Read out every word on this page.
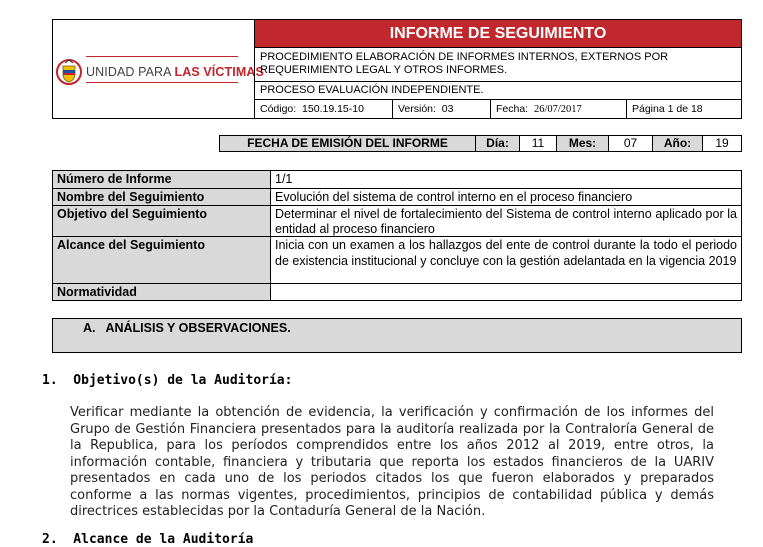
UNIDAD PARA LAS VÍCTIMAS
INFORME DE SEGUIMIENTO
PROCEDIMIENTO ELABORACIÓN DE INFORMES INTERNOS, EXTERNOS POR REQUERIMIENTO LEGAL Y OTROS INFORMES.
PROCESO EVALUACIÓN INDEPENDIENTE.
Código: 150.19.15-10	Versión: 03	Fecha: 26/07/2017	Página 1 de 18
FECHA DE EMISIÓN DEL INFORME	Día:	11	Mes:	07	Año:	19
Número de Informe	1/1
Nombre del Seguimiento	Evolución del sistema de control interno en el proceso financiero
Objetivo del Seguimiento	Determinar el nivel de fortalecimiento del Sistema de control interno aplicado por la entidad al proceso financiero
Alcance del Seguimiento	Inicia con un examen a los hallazgos del ente de control durante la todo el periodo de existencia institucional y concluye con la gestión adelantada en la vigencia 2019
Normatividad
A.   ANÁLISIS Y OBSERVACIONES.
1.  Objetivo(s) de la Auditoría:
Verificar mediante la obtención de evidencia, la verificación y confirmación de los informes del Grupo de Gestión Financiera presentados para la auditoría realizada por la Contraloría General de la Republica, para los períodos comprendidos entre los años 2012 al 2019, entre otros, la información contable, financiera y tributaria que reporta los estados financieros de la UARIV presentados en cada uno de los periodos citados los que fueron elaborados y preparados conforme a las normas vigentes, procedimientos, principios de contabilidad pública y demás directrices establecidas por la Contaduría General de la Nación.
2.  Alcance de la Auditoría
